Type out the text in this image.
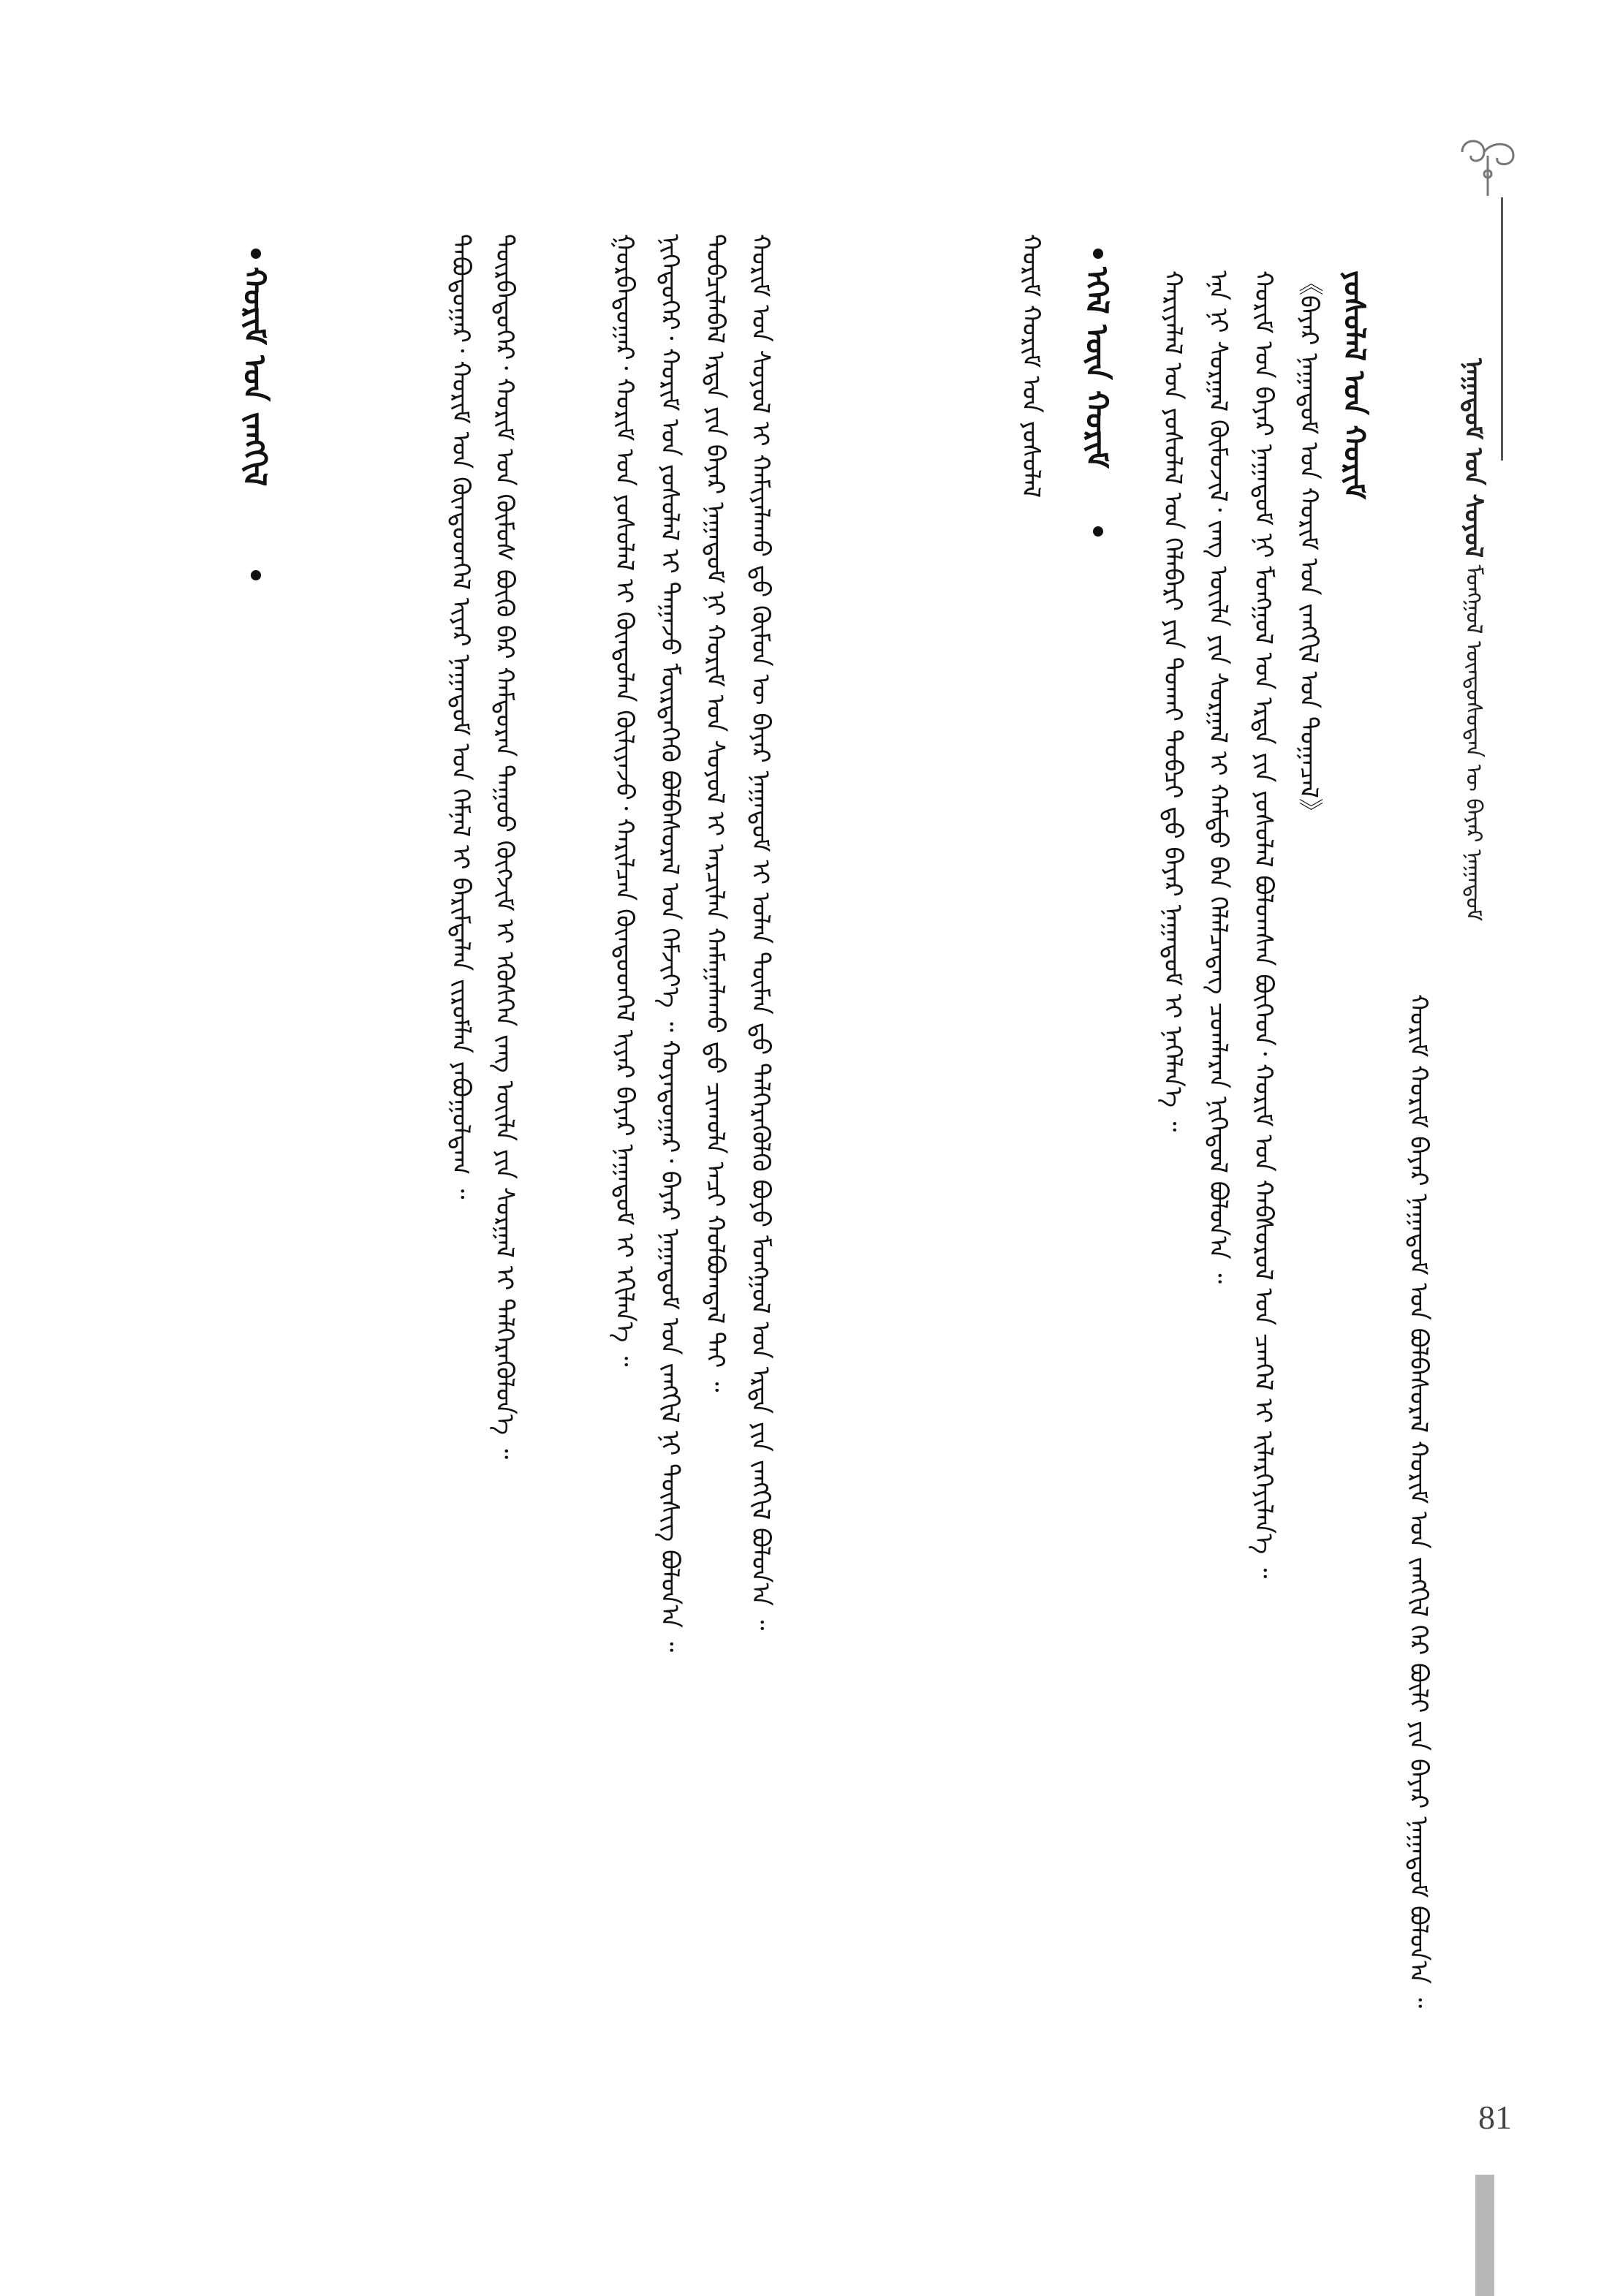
ᠨᠠᠭᠠᠳᠤᠮ ᠤᠨ ᠰᠣᠶᠣᠯ ᠮᠣᠩᠭᠣᠯ ᠦᠨᠳᠦᠰᠦᠲᠡᠨ ᠦ ᠪᠠᠶᠠᠷ ᠨᠠᠭᠠᠳᠤᠮ
ᠬᠤᠷᠢᠮ ᠬᠤᠷᠢᠮ ᠪᠠᠶᠠᠷ ᠨᠠᠭᠠᠳᠤᠮ ᠤᠨ ᠪᠣᠯᠪᠠᠰᠤᠷᠠᠯ ᠬᠤᠷᠢᠮ ᠤᠨ ᠵᠠᠩᠭᠢᠯ ᠭᠡᠷ ᠪᠦᠯᠢ ᠶᠢᠨ ᠪᠠᠶᠠᠷ ᠨᠠᠭᠠᠳᠤᠮ ᠪᠣᠯᠤᠨ᠎ᠠ ᠃
ᠶᠤᠰᠤᠯᠠᠯ ᠤᠨ ᠬᠤᠷᠢᠮ
《ᠪᠠᠶᠠᠷ ᠨᠠᠭᠠᠳᠤᠮ ᠤᠨ ᠬᠤᠷᠢᠮ ᠤᠨ ᠵᠠᠩᠭᠢᠯ ᠤᠨ ᠲᠣᠭᠠᠴᠠᠯ》
ᠬᠤᠷᠢᠮ ᠤᠨ ᠪᠠᠶᠠᠷ ᠨᠠᠭᠠᠳᠤᠮ ᠨᠢ ᠮᠣᠩᠭᠣᠯ ᠤᠨ ᠡᠷᠲᠡ ᠶᠢᠨ ᠶᠤᠰᠤᠯᠠᠯ ᠪᠣᠯᠤᠭᠰᠠᠨ ᠪᠥᠭᠡᠳ᠂ ᠬᠤᠷᠢᠮ ᠤᠨ ᠬᠠᠪᠰᠤᠷᠤᠯ ᠤᠨ ᠴᠡᠨᠭᠡᠯ ᠢ ᠢᠯᠡᠷᠬᠡᠶᠢᠯᠡᠨ᠎ᠡ ᠃
ᠡᠨᠡ ᠨᠢ ᠰᠤᠷᠭᠠᠯ ᠬᠦᠮᠦᠵᠢᠯ᠂ ᠵᠠᠩ ᠦᠢᠯᠡ ᠶᠢᠨ ᠰᠤᠷᠭᠠᠯ ᠢ ᠬᠠᠮᠲᠤ ᠪᠡᠨ ᠬᠡᠯᠡᠯᠴᠡᠳᠡᠭ ᠴᠤᠭᠯᠠᠷᠠᠨ ᠨᠢᠭᠡᠳᠦᠯ ᠪᠣᠯᠤᠨ᠎ᠠ ᠃
ᠬᠠᠷᠢᠶᠠᠯᠠᠯ ᠤᠨ ᠶᠤᠰᠤᠯᠠᠯ ᠤᠨ ᠬᠡᠯᠡᠪᠡᠷᠢ ᠶᠢᠨ ᠲᠤᠬᠠᠢ ᠲᠣᠪᠴᠢ ᠳ᠋ᠤ ᠪᠠᠶᠠᠷ ᠨᠠᠭᠠᠳᠤᠮ ᠢ ᠨᠡᠬᠡᠯᠡᠨ᠎ᠡ ᠃
ᠡᠭᠡᠯ ᠦᠨ ᠬᠤᠷᠢᠮ
ᠬᠤᠷᠢᠮ ᠬᠣᠷᠢᠮ ᠤᠨ ᠶᠤᠰᠤᠯᠠᠯ
ᠬᠣᠷᠢᠮ ᠤᠨ ᠰᠣᠶᠣᠯ ᠢ ᠬᠠᠮᠢᠶᠠᠯᠠᠬᠤ ᠳ᠋ᠤ ᠬᠦᠮᠦᠨ ᠦ ᠪᠠᠶᠠᠷ ᠨᠠᠭᠠᠳᠤᠮ ᠢ ᠣᠯᠠᠨ ᠲᠦᠮᠡᠨ ᠳ᠋ᠤ ᠳᠡᠯᠭᠡᠷᠡᠭᠦᠯᠬᠦ ᠪᠤᠶᠤ ᠮᠣᠩᠭᠣᠯ ᠤᠨ ᠡᠷᠲᠡ ᠶᠢᠨ ᠵᠠᠩᠭᠢᠯ ᠪᠣᠯᠤᠨ᠎ᠠ ᠃
ᠲᠣᠪᠴᠢᠯᠠᠪᠠᠯ ᠡᠷᠲᠡ ᠶᠢᠨ ᠪᠠᠶᠠᠷ ᠨᠠᠭᠠᠳᠤᠮ ᠨᠢ ᠬᠤᠷᠢᠮ ᠤᠨ ᠰᠣᠶᠣᠯ ᠢ ᠠᠷᠴᠢᠯᠠᠨ ᠬᠠᠮᠠᠭᠠᠯᠠᠬᠤ ᠳ᠋ᠤ ᠴᠢᠬᠤᠯᠠ ᠠᠴᠢ ᠬᠣᠯᠪᠣᠭᠳᠠᠯ ᠲᠠᠶ ᠃
ᠨᠢᠭᠡᠳᠦᠭᠡᠷ᠂ ᠬᠤᠷᠢᠮ ᠤᠨ ᠶᠤᠰᠤᠯᠠᠯ ᠢ ᠳᠠᠭᠠᠵᠤ ᠮᠦᠷᠳᠡᠭᠡᠬᠦ ᠪᠣᠯᠪᠠᠰᠤᠷᠠᠯ ᠤᠨ ᠬᠡᠮᠵᠢᠶ᠎ᠡ ᠃ ᠬᠣᠶᠠᠳᠤᠭᠠᠷ᠂ ᠪᠠᠶᠠᠷ ᠨᠠᠭᠠᠳᠤᠮ ᠤᠨ ᠵᠠᠩᠭᠢᠯ ᠨᠢ ᠲᠦᠰᠢᠭ ᠪᠣᠯᠤᠨ᠎ᠠ ᠃
ᠭᠤᠷᠪᠠᠳᠤᠭᠠᠷ᠂ ᠬᠤᠷᠢᠮ ᠤᠨ ᠶᠤᠰᠤᠯᠠᠯ ᠢ ᠬᠦᠨᠳᠦᠯᠡᠨ ᠬᠦᠯᠢᠶᠡᠵᠦ᠂ ᠬᠠᠷᠢᠯᠴᠠᠨ ᠬᠦᠨᠳᠦᠳᠬᠡᠯ ᠢᠶᠡᠷ ᠪᠠᠶᠠᠷ ᠨᠠᠭᠠᠳᠤᠮ ᠢ ᠡᠬᠢᠯᠡᠨ᠎ᠡ ᠃
ᠳᠥᠷᠪᠡᠳᠦᠭᠡᠷ᠂ ᠬᠤᠷᠢᠮ ᠤᠨ ᠬᠦᠮᠦᠰ ᠪᠦᠬᠦ ᠪᠡᠷ ᠬᠠᠮᠲᠤᠷᠠᠨ ᠳᠠᠭᠤᠤ ᠬᠥᠭᠵᠢᠮ ᠢ ᠡᠭᠦᠰᠬᠡᠨ ᠵᠠᠩ ᠦᠢᠯᠡ ᠶᠢᠨ ᠰᠤᠷᠭᠠᠯ ᠢ ᠳᠡᠯᠭᠡᠷᠡᠭᠦᠯᠦᠨ᠎ᠡ ᠃
ᠲᠠᠪᠤᠳᠤᠭᠠᠷ᠂ ᠬᠤᠷᠢᠮ ᠤᠨ ᠬᠦᠨᠳᠦᠳᠬᠡᠯ ᠢᠶᠡᠷ ᠨᠠᠭᠠᠳᠤᠮ ᠤᠨ ᠬᠡᠮᠨᠡᠯ ᠢ ᠪᠠᠷᠢᠮᠲᠠᠯᠠᠨ ᠵᠢᠷᠤᠮᠯᠠᠨ ᠶᠠᠪᠤᠭᠤᠯᠳᠠᠭ ᠃
ᠬᠤᠷᠢᠮ ᠤᠨ ᠵᠠᠩᠭᠢᠯ
81
